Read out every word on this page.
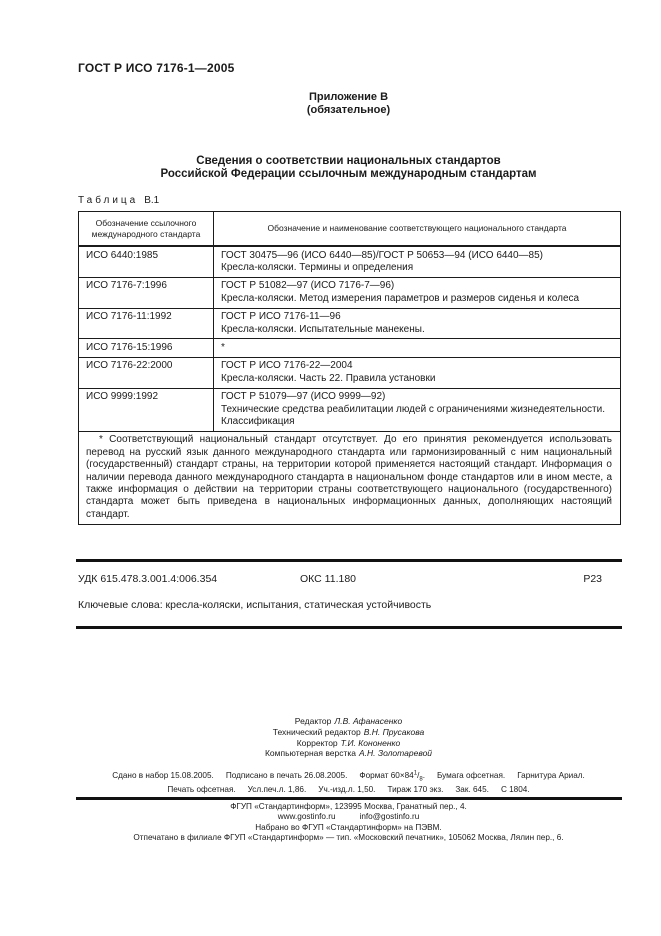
ГОСТ Р ИСО 7176-1—2005
Приложение В
(обязательное)
Сведения о соответствии национальных стандартов
Российской Федерации ссылочным международным стандартам
Таблица В.1
Обозначение ссылочного
международного стандарта	Обозначение и наименование соответствующего национального стандарта
ИСО 6440:1985	ГОСТ 30475—96 (ИСО 6440—85)/ГОСТ Р 50653—94 (ИСО 6440—85)
Кресла-коляски. Термины и определения

ИСО 7176-7:1996	ГОСТ Р 51082—97 (ИСО 7176-7—96)
Кресла-коляски. Метод измерения параметров и размеров сиденья и колеса

ИСО 7176-11:1992	ГОСТ Р ИСО 7176-11—96
Кресла-коляски. Испытательные манекены.

ИСО 7176-15:1996	*

ИСО 7176-22:2000	ГОСТ Р ИСО 7176-22—2004
Кресла-коляски. Часть 22. Правила установки

ИСО 9999:1992	ГОСТ Р 51079—97 (ИСО 9999—92)
Технические средства реабилитации людей с ограничениями жизнедеятельности.
Классификация

* Соответствующий национальный стандарт отсутствует. До его принятия рекомендуется использовать перевод на русский язык данного международного стандарта или гармонизированный с ним национальный (государственный) стандарт страны, на территории которой применяется настоящий стандарт. Информация о наличии перевода данного международного стандарта в национальном фонде стандартов или в ином месте, а также информация о действии на территории страны соответствующего национального (государственного) стандарта может быть приведена в национальных информационных данных, дополняющих настоящий стандарт.	
УДК 615.478.3.001.4:006.354	ОКС 11.180	Р23
Ключевые слова: кресла-коляски, испытания, статическая устойчивость
Редактор Л.В. Афанасенко
Технический редактор В.Н. Прусакова
Корректор Т.И. Кононенко
Компьютерная верстка А.Н. Золотаревой
Сдано в набор 15.08.2005. Подписано в печать 26.08.2005. Формат $60\times 84^1/_8$. Бумага офсетная. Гарнитура Ариал.
Печать офсетная. Усл.печ.л. 1,86. Уч.-изд.л. 1,50. Тираж 170 экз. Зак. 645. С 1804.
ФГУП «Стандартинформ», 123995 Москва, Гранатный пер., 4.
www.gostinfo.ru	info@gostinfo.ru
Набрано во ФГУП «Стандартинформ» на ПЭВМ.
Отпечатано в филиале ФГУП «Стандартинформ» — тип. «Московский печатник», 105062 Москва, Лялин пер., 6.
